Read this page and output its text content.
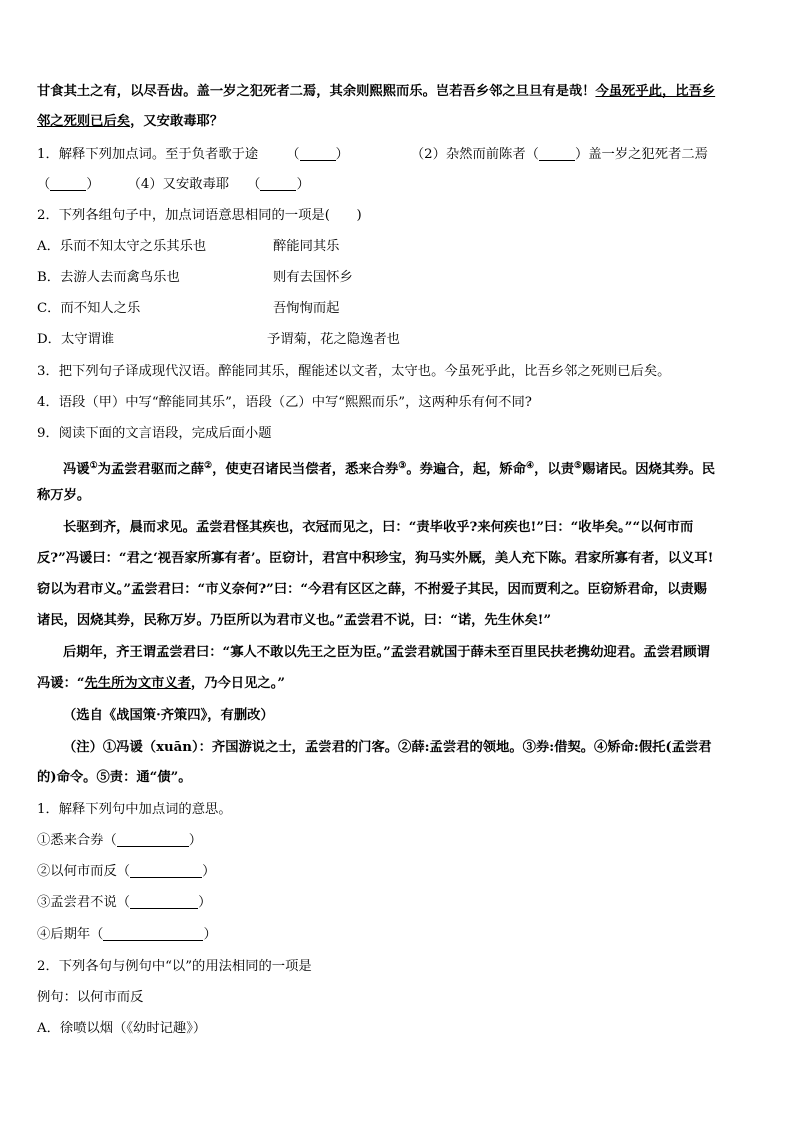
甘食其土之有，以尽吾齿。盖一岁之犯死者二焉，其余则熙熙而乐。岂若吾乡邻之旦旦有是哉！今虽死乎此，比吾乡
邻之死则已后矣，又安敢毒耶？
1．解释下列加点词。至于负者歌于途 （	）	（2）杂然而前陈者（	）盖一岁之犯死者二焉
（	） （4）又安敢毒耶 （	）
2．下列各组句子中，加点词语意思相同的一项是(　　)
A．乐而不知太守之乐其乐也	醉能同其乐
B．去游人去而禽鸟乐也	则有去国怀乡
C．而不知人之乐	吾恂恂而起
D．太守谓谁	予谓菊，花之隐逸者也
3．把下列句子译成现代汉语。醉能同其乐，醒能述以文者，太守也。今虽死乎此，比吾乡邻之死则已后矣。
4．语段（甲）中写“醉能同其乐”，语段（乙）中写“熙熙而乐”，这两种乐有何不同?
9．阅读下面的文言语段，完成后面小题
冯谖①为孟尝君驱而之薛②，使吏召诸民当偿者，悉来合券③。券遍合，起，矫命④，以责⑤赐诸民。因烧其券。民
称万岁。
长驱到齐，晨而求见。孟尝君怪其疾也，衣冠而见之，曰：“责毕收乎?来何疾也!”曰：“收毕矣。”“以何市而
反?”冯谖曰：“君之‘视吾家所寡有者’。臣窃计，君宫中积珍宝，狗马实外厩，美人充下陈。君家所寡有者，以义耳!
窃以为君市义。”孟尝君曰：“市义奈何?”曰：“今君有区区之薛，不拊爱子其民，因而贾利之。臣窃矫君命，以责赐
诸民，因烧其券，民称万岁。乃臣所以为君市义也。”孟尝君不说，曰：“诺，先生休矣!”
后期年，齐王谓孟尝君曰：“寡人不敢以先王之臣为臣。”孟尝君就国于薛未至百里民扶老携幼迎君。孟尝君顾谓
冯谖：“先生所为文市义者，乃今日见之。”
（选自《战国策·齐策四》，有删改）
（注）①冯谖（xuān）：齐国游说之士，孟尝君的门客。②薛:孟尝君的领地。③券:借契。④矫命:假托(孟尝君
的)命令。⑤责：通“债”。
1．解释下列句中加点词的意思。
①悉来合券（	）
②以何市而反（	）
③孟尝君不说（	）
④后期年（	）
2．下列各句与例句中“以”的用法相同的一项是
例句：以何市而反
A．徐喷以烟（《幼时记趣》）
